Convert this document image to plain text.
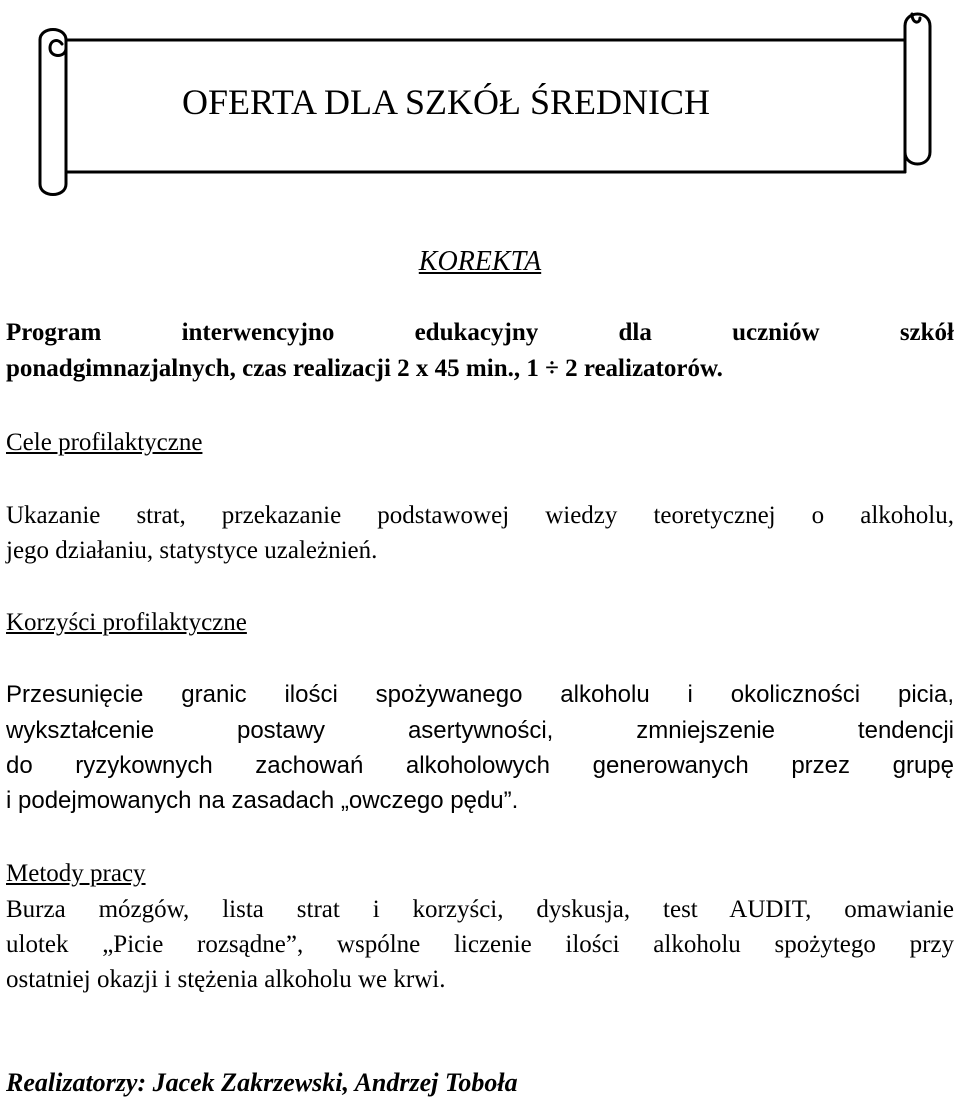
OFERTA DLA SZKÓŁ ŚREDNICH
KOREKTA
Program interwencyjno edukacyjny dla uczniów szkół
ponadgimnazjalnych, czas realizacji 2 x 45 min., 1 ÷ 2 realizatorów.
Cele profilaktyczne
Ukazanie strat, przekazanie podstawowej wiedzy teoretycznej o alkoholu,
jego działaniu, statystyce uzależnień.
Korzyści profilaktyczne
Przesunięcie granic ilości spożywanego alkoholu i okoliczności picia,
wykształcenie postawy asertywności, zmniejszenie tendencji
do ryzykownych zachowań alkoholowych generowanych przez grupę
i podejmowanych na zasadach „owczego pędu”.
Metody pracy
Burza mózgów, lista strat i korzyści, dyskusja, test AUDIT, omawianie
ulotek „Picie rozsądne”, wspólne liczenie ilości alkoholu spożytego przy
ostatniej okazji i stężenia alkoholu we krwi.
Realizatorzy: Jacek Zakrzewski, Andrzej Toboła
